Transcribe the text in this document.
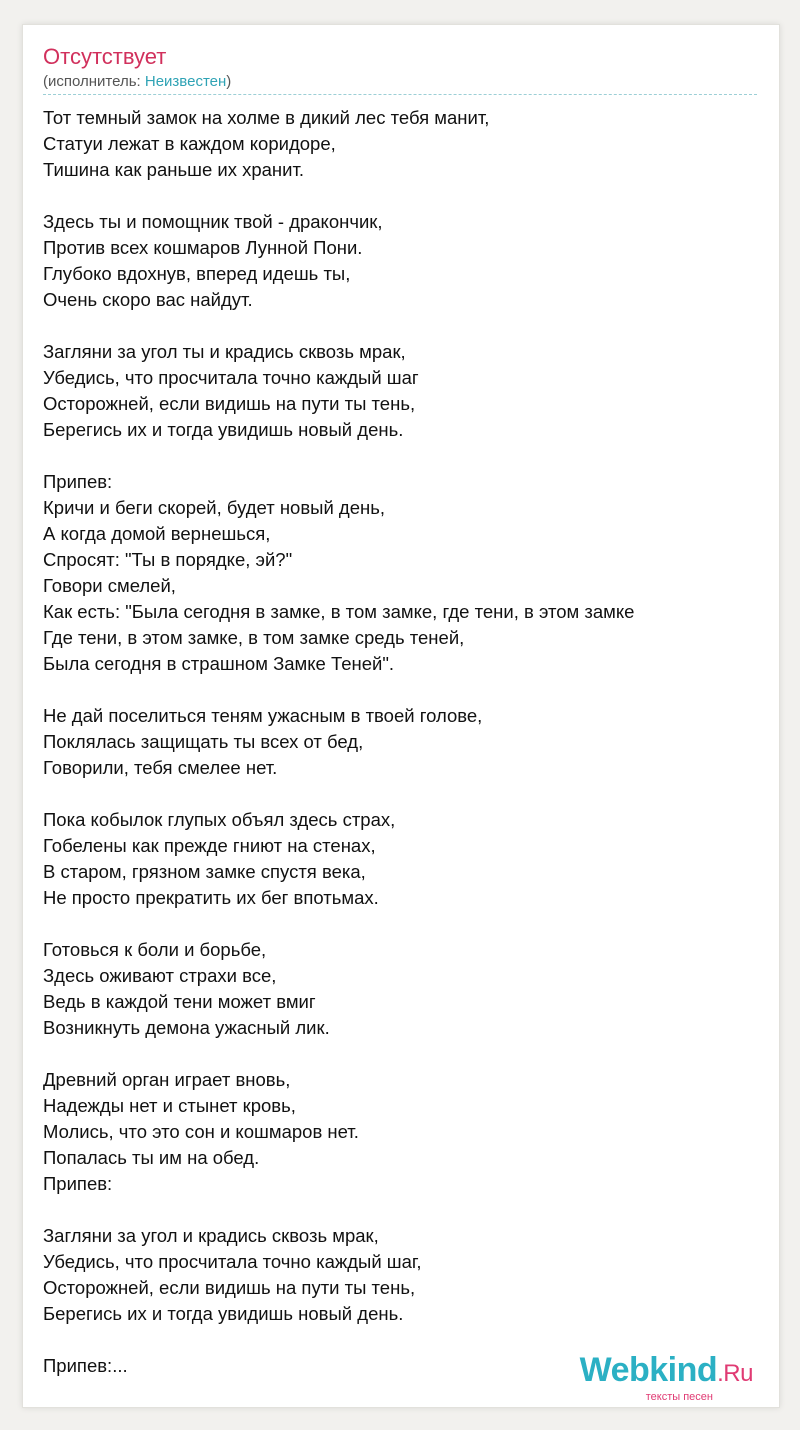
Отсутствует
(исполнитель: Неизвестен)
Тот темный замок на холме в дикий лес тебя манит,
Статуи лежат в каждом коридоре,
Тишина как раньше их хранит.
Здесь ты и помощник твой - дракончик,
Против всех кошмаров Лунной Пони.
Глубоко вдохнув, вперед идешь ты,
Очень скоро вас найдут.
Загляни за угол ты и крадись сквозь мрак,
Убедись, что просчитала точно каждый шаг
Осторожней, если видишь на пути ты тень,
Берегись их и тогда увидишь новый день.
Припев:
Кричи и беги скорей, будет новый день,
А когда домой вернешься,
Спросят: "Ты в порядке, эй?"
Говори смелей,
Как есть: "Была сегодня в замке, в том замке, где тени, в этом замке
Где тени, в этом замке, в том замке средь теней,
Была сегодня в страшном Замке Теней".
Не дай поселиться теням ужасным в твоей голове,
Поклялась защищать ты всех от бед,
Говорили, тебя смелее нет.
Пока кобылок глупых объял здесь страх,
Гобелены как прежде гниют на стенах,
В старом, грязном замке спустя века,
Не просто прекратить их бег впотьмах.
Готовься к боли и борьбе,
Здесь оживают страхи все,
Ведь в каждой тени может вмиг
Возникнуть демона ужасный лик.
Древний орган играет вновь,
Надежды нет и стынет кровь,
Молись, что это сон и кошмаров нет.
Попалась ты им на обед.
Припев:
Загляни за угол и крадись сквозь мрак,
Убедись, что просчитала точно каждый шаг,
Осторожней, если видишь на пути ты тень,
Берегись их и тогда увидишь новый день.
Припев:...	Webkind.Ru
тексты песен
